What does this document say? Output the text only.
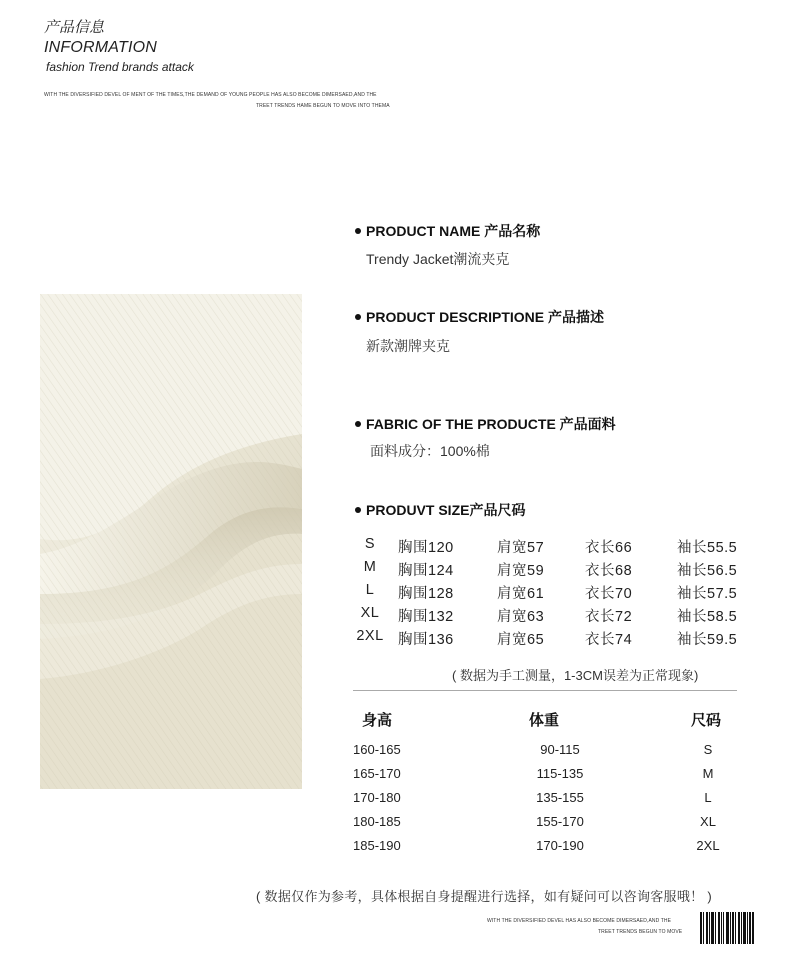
产品信息
INFORMATION
fashion Trend brands attack
WITH THE DIVERSIFIED DEVEL OF MENT OF THE TIMES,THE DEMAND OF YOUNG PEOPLE HAS ALSO BECOME DIMERSAED,AND THE
TREET TRENDS HAME BEGUN TO MOVE INTO THEMA
PRODUCT NAME 产品名称
Trendy Jacket潮流夹克
PRODUCT DESCRIPTIONE 产品描述
新款潮牌夹克
FABRIC OF THE PRODUCTE 产品面料
面料成分：100%棉
PRODUVT SIZE产品尺码
S	胸围120	肩宽57	衣长66	袖长55.5
M	胸围124	肩宽59	衣长68	袖长56.5
L	胸围128	肩宽61	衣长70	袖长57.5
XL	胸围132	肩宽63	衣长72	袖长58.5
2XL 胸围136	肩宽65	衣长74	袖长59.5
( 数据为手工测量，1-3CM误差为正常现象)
身高	体重	尺码
160-165	90-115	S
165-170	115-135	M
170-180	135-155	L
180-185	155-170	XL
185-190	170-190	2XL
( 数据仅作为参考，具体根据自身提醒进行选择，如有疑问可以咨询客服哦！ )
WITH THE DIVERSIFIED DEVEL HAS ALSO BECOME DIMERSAED,AND THE
TREET TRENDS BEGUN TO MOVE
